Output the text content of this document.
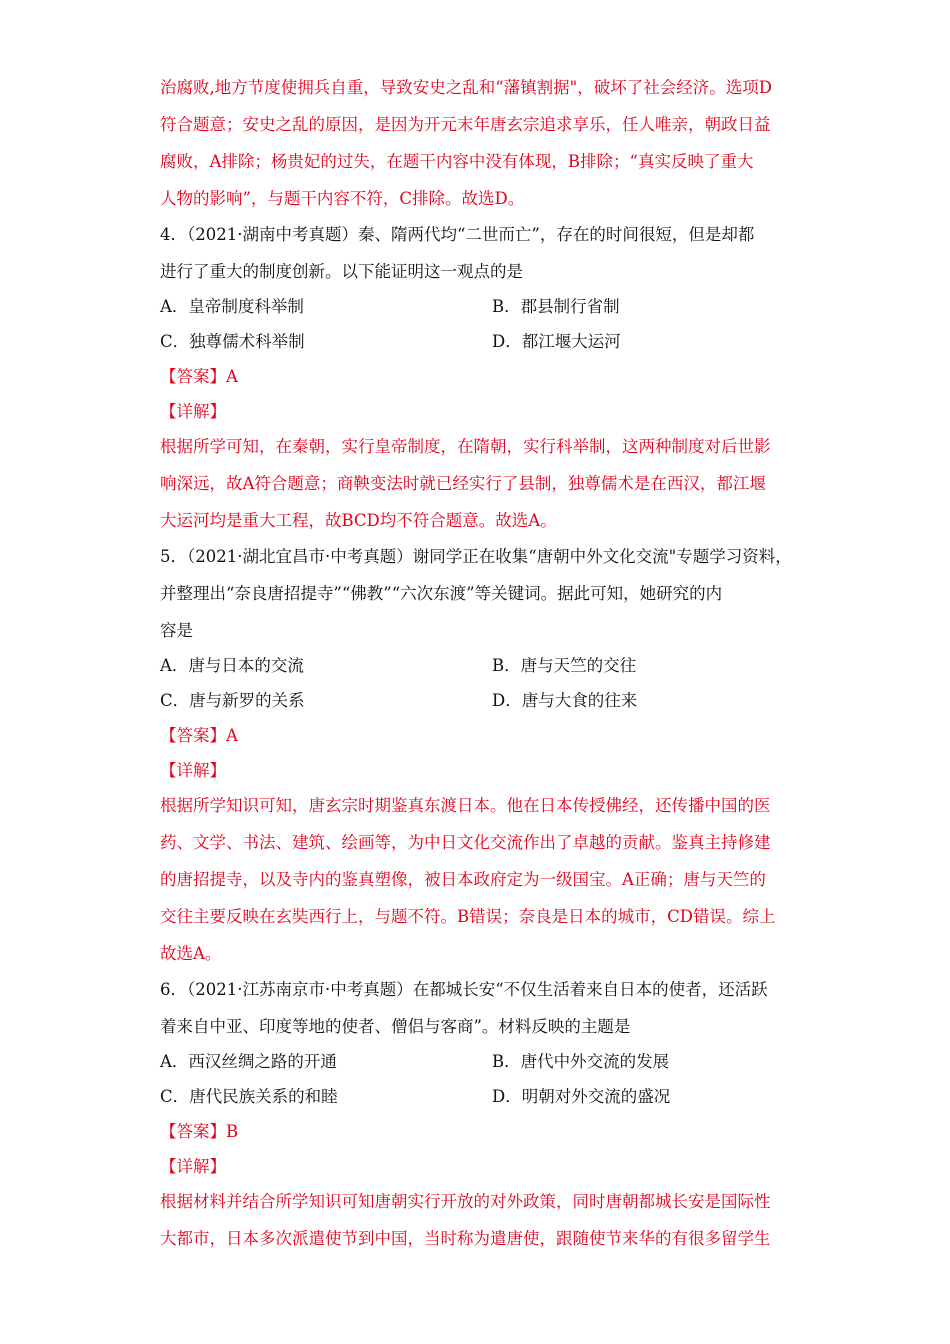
治腐败,地方节度使拥兵自重，导致安史之乱和“藩镇割据"，破坏了社会经济。选项D
符合题意；安史之乱的原因，是因为开元末年唐玄宗追求享乐，任人唯亲，朝政日益
腐败，A排除；杨贵妃的过失，在题干内容中没有体现，B排除；“真实反映了重大
人物的影响”，与题干内容不符，C排除。故选D。
4．（2021·湖南中考真题）秦、隋两代均“二世而亡”，存在的时间很短，但是却都
进行了重大的制度创新。以下能证明这一观点的是
A．皇帝制度科举制	B．郡县制行省制
C．独尊儒术科举制	D．都江堰大运河
【答案】A
【详解】
根据所学可知，在秦朝，实行皇帝制度，在隋朝，实行科举制，这两种制度对后世影
响深远，故A符合题意；商鞅变法时就已经实行了县制，独尊儒术是在西汉，都江堰
大运河均是重大工程，故BCD均不符合题意。故选A。
5．（2021·湖北宜昌市·中考真题）谢同学正在收集“唐朝中外文化交流"专题学习资料，
并整理出“奈良唐招提寺”“佛教”“六次东渡”等关键词。据此可知，她研究的内
容是
A．唐与日本的交流	B．唐与天竺的交往
C．唐与新罗的关系	D．唐与大食的往来
【答案】A
【详解】
根据所学知识可知，唐玄宗时期鉴真东渡日本。他在日本传授佛经，还传播中国的医
药、文学、书法、建筑、绘画等，为中日文化交流作出了卓越的贡献。鉴真主持修建
的唐招提寺，以及寺内的鉴真塑像，被日本政府定为一级国宝。A正确；唐与天竺的
交往主要反映在玄奘西行上，与题不符。B错误；奈良是日本的城市，CD错误。综上
故选A。
6．（2021·江苏南京市·中考真题）在都城长安“不仅生活着来自日本的使者，还活跃
着来自中亚、印度等地的使者、僧侣与客商”。材料反映的主题是
A．西汉丝绸之路的开通	B．唐代中外交流的发展
C．唐代民族关系的和睦	D．明朝对外交流的盛况
【答案】B
【详解】
根据材料并结合所学知识可知唐朝实行开放的对外政策，同时唐朝都城长安是国际性
大都市，日本多次派遣使节到中国，当时称为遣唐使，跟随使节来华的有很多留学生
